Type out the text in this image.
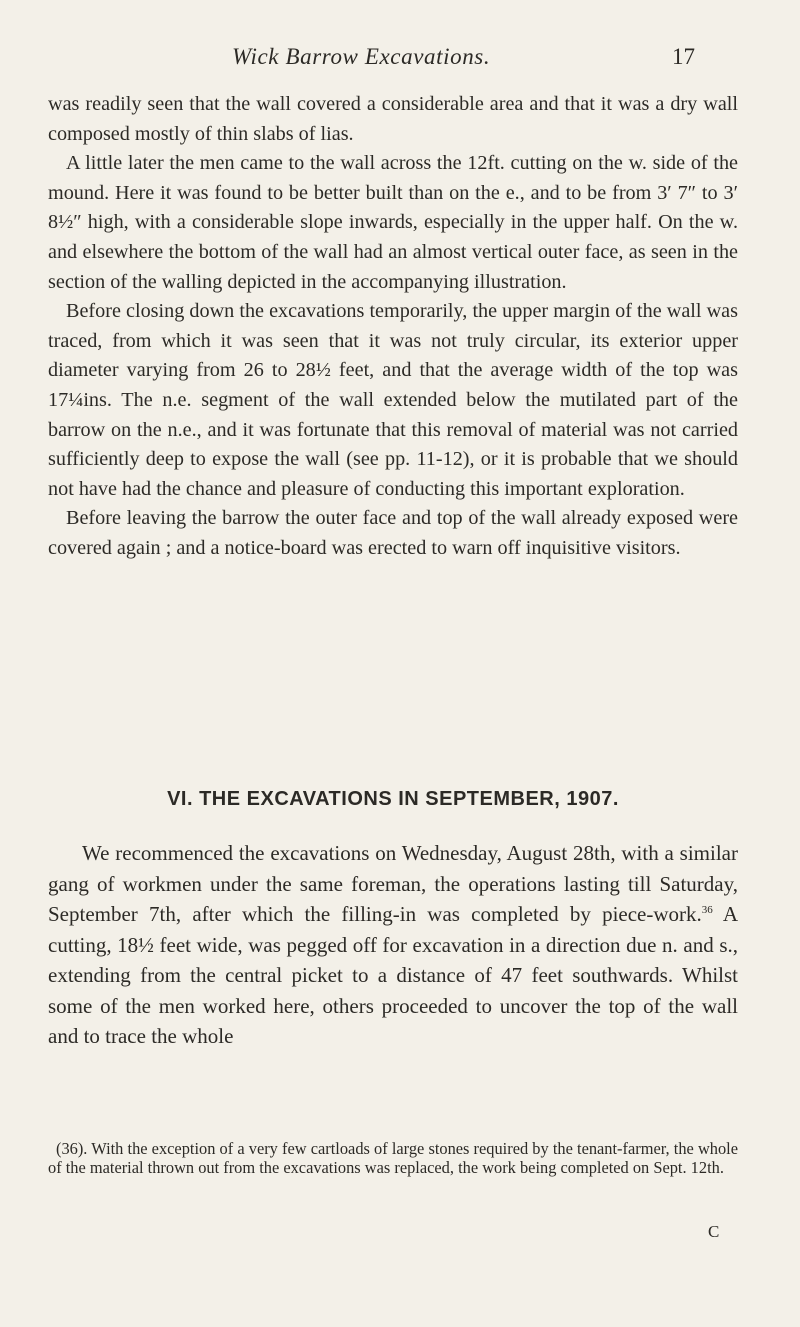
Wick Barrow Excavations.	17

was readily seen that the wall covered a considerable area and that it was a dry wall composed mostly of thin slabs of lias.

A little later the men came to the wall across the 12ft. cutting on the w. side of the mound. Here it was found to be better built than on the e., and to be from 3′ 7″ to 3′ 8½″ high, with a considerable slope inwards, especially in the upper half. On the w. and elsewhere the bottom of the wall had an almost vertical outer face, as seen in the section of the walling depicted in the accompanying illustration.

Before closing down the excavations temporarily, the upper margin of the wall was traced, from which it was seen that it was not truly circular, its exterior upper diameter varying from 26 to 28½ feet, and that the average width of the top was 17¼ins. The n.e. segment of the wall extended below the mutilated part of the barrow on the n.e., and it was fortunate that this removal of material was not carried sufficiently deep to expose the wall (see pp. 11-12), or it is probable that we should not have had the chance and pleasure of conducting this important exploration.

Before leaving the barrow the outer face and top of the wall already exposed were covered again ; and a notice-board was erected to warn off inquisitive visitors.

VI. THE EXCAVATIONS IN SEPTEMBER, 1907.

We recommenced the excavations on Wednesday, August 28th, with a similar gang of workmen under the same foreman, the operations lasting till Saturday, September 7th, after which the filling-in was completed by piece-work.$^{36}$ A cutting, 18½ feet wide, was pegged off for excavation in a direction due n. and s., extending from the central picket to a distance of 47 feet southwards. Whilst some of the men worked here, others proceeded to uncover the top of the wall and to trace the whole

(36). With the exception of a very few cartloads of large stones required by the tenant-farmer, the whole of the material thrown out from the excavations was replaced, the work being completed on Sept. 12th.

C
